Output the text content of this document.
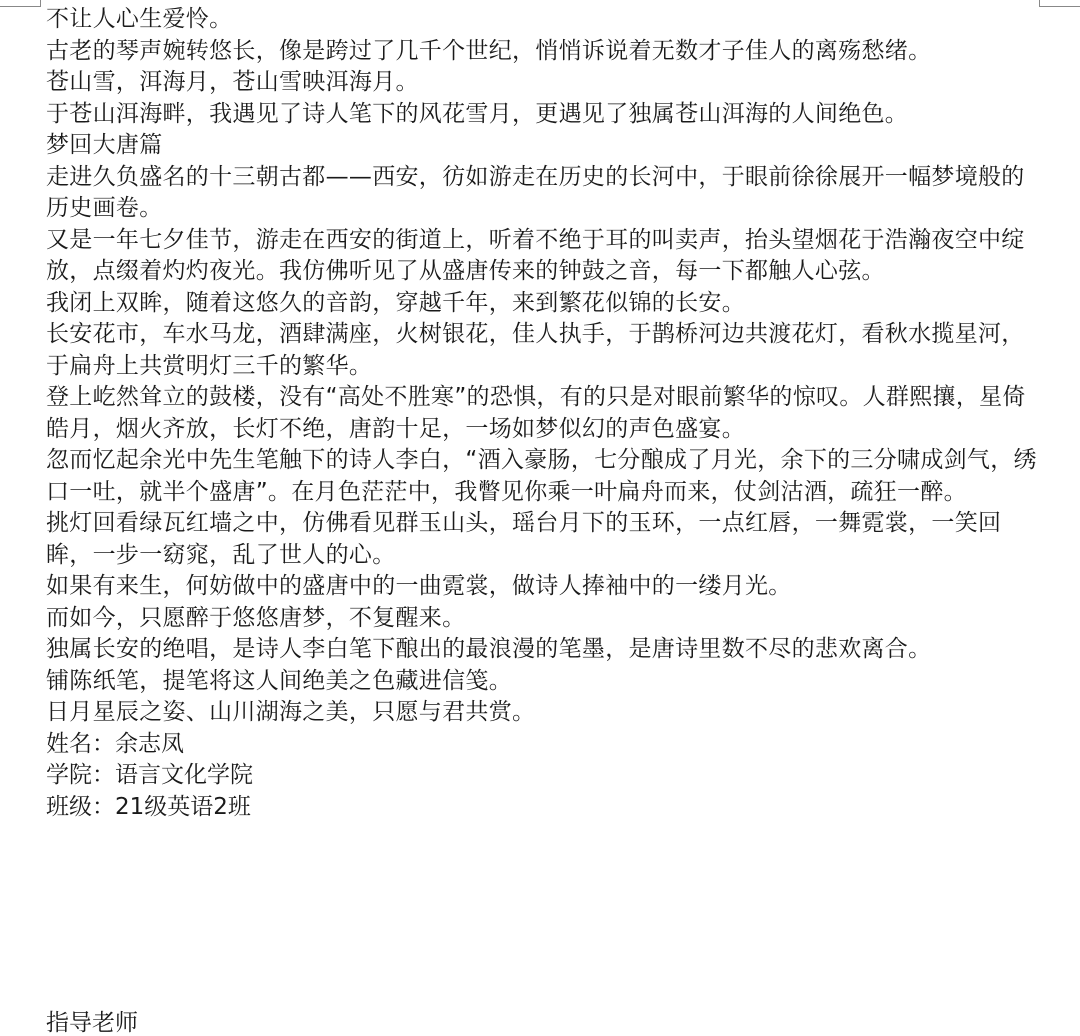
不让人心生爱怜。

古老的琴声婉转悠长，像是跨过了几千个世纪，悄悄诉说着无数才子佳人的离殇愁绪。

苍山雪，洱海月，苍山雪映洱海月。

于苍山洱海畔，我遇见了诗人笔下的风花雪月，更遇见了独属苍山洱海的人间绝色。

梦回大唐篇

走进久负盛名的十三朝古都——西安，彷如游走在历史的长河中，于眼前徐徐展开一幅梦境般的历史画卷。

又是一年七夕佳节，游走在西安的街道上，听着不绝于耳的叫卖声，抬头望烟花于浩瀚夜空中绽放，点缀着灼灼夜光。我仿佛听见了从盛唐传来的钟鼓之音，每一下都触人心弦。

我闭上双眸，随着这悠久的音韵，穿越千年，来到繁花似锦的长安。

长安花市，车水马龙，酒肆满座，火树银花，佳人执手，于鹊桥河边共渡花灯，看秋水揽星河，于扁舟上共赏明灯三千的繁华。

登上屹然耸立的鼓楼，没有“高处不胜寒”的恐惧，有的只是对眼前繁华的惊叹。人群熙攘，星倚皓月，烟火齐放，长灯不绝，唐韵十足，一场如梦似幻的声色盛宴。

忽而忆起余光中先生笔触下的诗人李白，“酒入豪肠，七分酿成了月光，余下的三分啸成剑气，绣口一吐，就半个盛唐”。在月色茫茫中，我瞥见你乘一叶扁舟而来，仗剑沽酒，疏狂一醉。

挑灯回看绿瓦红墙之中，仿佛看见群玉山头，瑶台月下的玉环，一点红唇，一舞霓裳，一笑回眸，一步一窈窕，乱了世人的心。

如果有来生，何妨做中的盛唐中的一曲霓裳，做诗人捧袖中的一缕月光。

而如今，只愿醉于悠悠唐梦，不复醒来。

独属长安的绝唱，是诗人李白笔下酿出的最浪漫的笔墨，是唐诗里数不尽的悲欢离合。

铺陈纸笔，提笔将这人间绝美之色藏进信笺。

日月星辰之姿、山川湖海之美，只愿与君共赏。

姓名：余志凤

学院：语言文化学院

班级：21级英语2班

指导老师
